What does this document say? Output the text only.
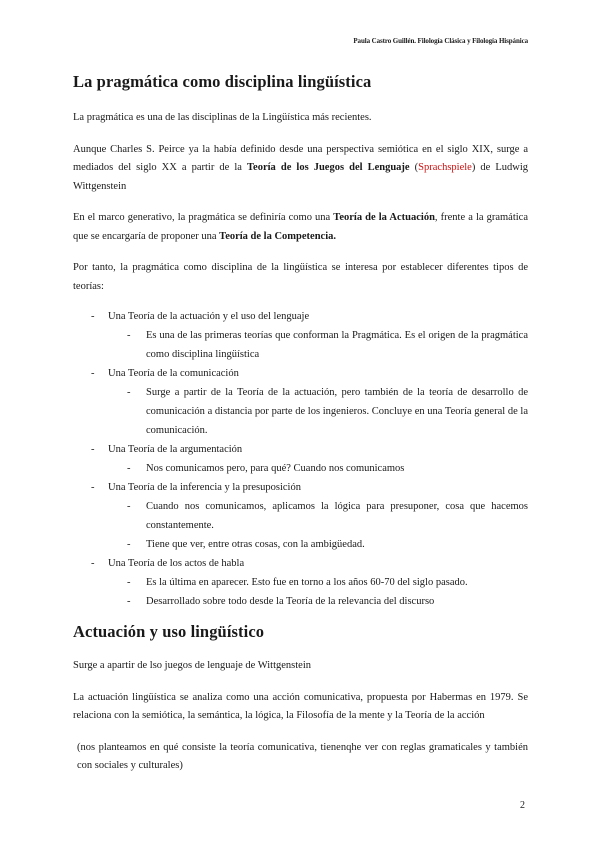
Paula Castro Guillén. Filología Clásica y Filología Hispánica
La pragmática como disciplina lingüística

La pragmática es una de las disciplinas de la Lingüística más recientes.

Aunque Charles S. Peirce ya la había definido desde una perspectiva semiótica en el siglo XIX, surge a mediados del siglo XX a partir de la Teoría de los Juegos del Lenguaje (Sprachspiele) de Ludwig Wittgenstein

En el marco generativo, la pragmática se definiría como una Teoría de la Actuación, frente a la gramática que se encargaría de proponer una Teoría de la Competencia.

Por tanto, la pragmática como disciplina de la lingüística se interesa por establecer diferentes tipos de teorías:

- Una Teoría de la actuación y el uso del lenguaje
- Es una de las primeras teorías que conforman la Pragmática. Es el origen de la pragmática como disciplina lingüística
- Una Teoría de la comunicación
- Surge a partir de la Teoría de la actuación, pero también de la teoría de desarrollo de comunicación a distancia por parte de los ingenieros. Concluye en una Teoría general de la comunicación.
- Una Teoría de la argumentación
- Nos comunicamos pero, para qué? Cuando nos comunicamos
- Una Teoría de la inferencia y la presuposición
- Cuando nos comunicamos, aplicamos la lógica para presuponer, cosa que hacemos constantemente.
- Tiene que ver, entre otras cosas, con la ambigüedad.
- Una Teoría de los actos de habla
- Es la última en aparecer. Esto fue en torno a los años 60-70 del siglo pasado.
- Desarrollado sobre todo desde la Teoría de la relevancia del discurso
Actuación y uso lingüístico

Surge a apartir de lso juegos de lenguaje de Wittgenstein

La actuación lingüística se analiza como una acción comunicativa, propuesta por Habermas en 1979. Se relaciona con la semiótica, la semántica, la lógica, la Filosofía de la mente y la Teoría de la acción

(nos planteamos en qué consiste la teoría comunicativa, tienenqhe ver con reglas gramaticales y también con sociales y culturales)

2
